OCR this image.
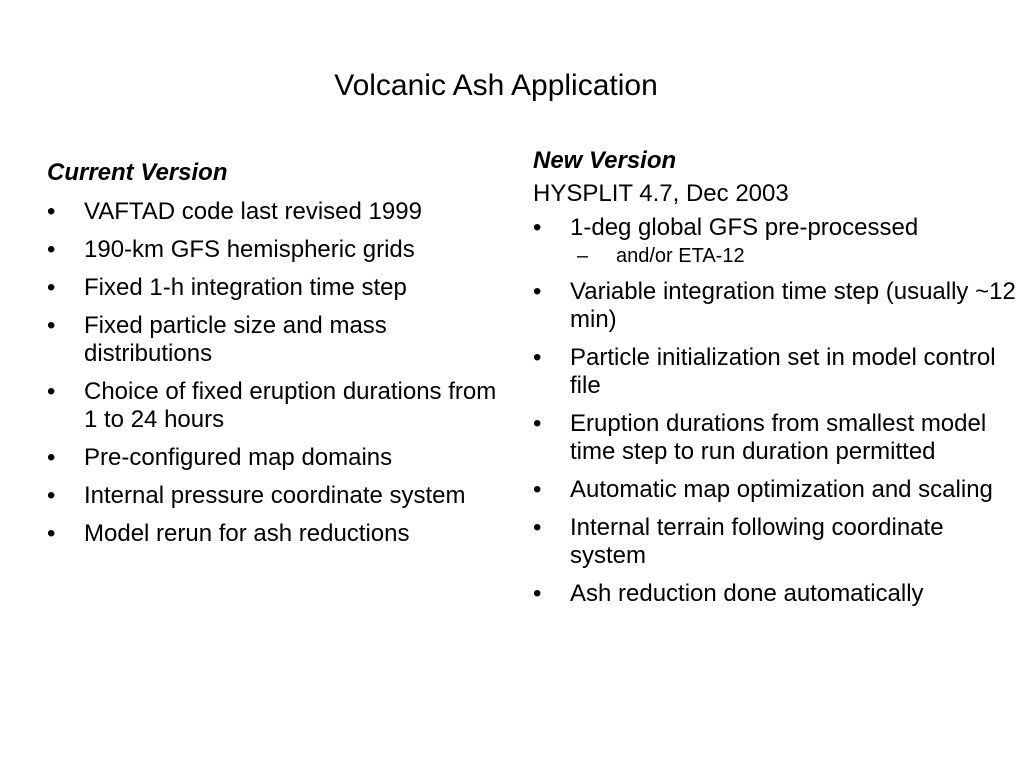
Volcanic Ash Application
Current Version
• VAFTAD code last revised 1999
• 190-km GFS hemispheric grids
• Fixed 1-h integration time step
• Fixed particle size and mass distributions
• Choice of fixed eruption durations from 1 to 24 hours
• Pre-configured map domains
• Internal pressure coordinate system
• Model rerun for ash reductions
New Version
HYSPLIT 4.7, Dec 2003
• 1-deg global GFS pre-processed
– and/or ETA-12
• Variable integration time step (usually ~12 min)
• Particle initialization set in model control file
• Eruption durations from smallest model time step to run duration permitted
• Automatic map optimization and scaling
• Internal terrain following coordinate system
• Ash reduction done automatically
